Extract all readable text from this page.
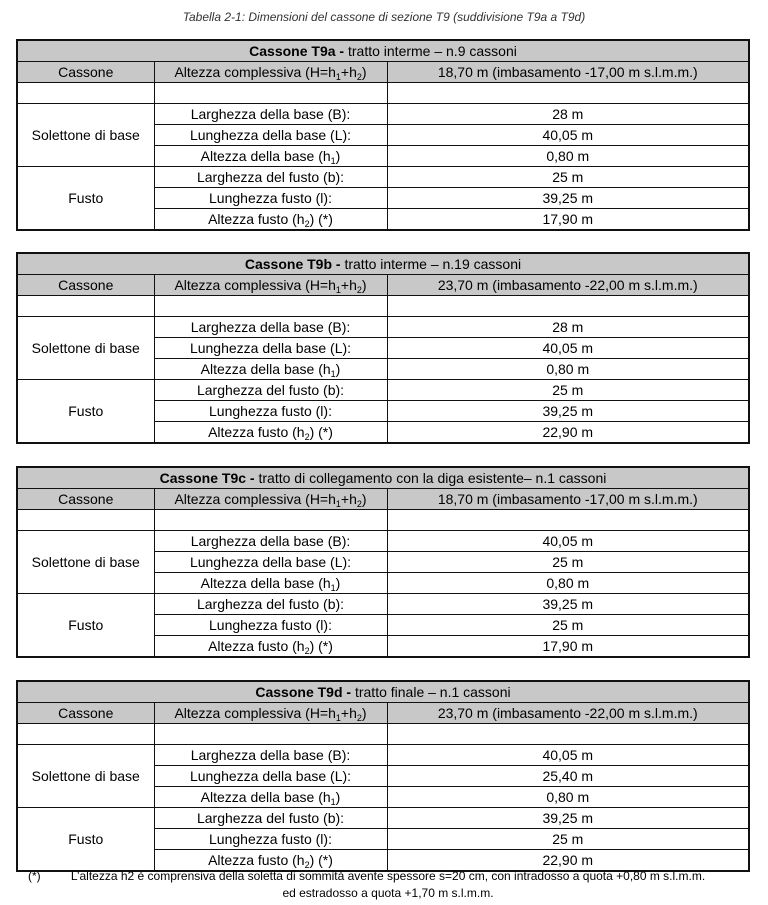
Tabella 2-1: Dimensioni del cassone di sezione T9 (suddivisione T9a a T9d)
Cassone T9a - tratto interme – n.9 cassoni		
Cassone	Altezza complessiva $(H=h_1+h_2)$	18,70 m (imbasamento -17,00 m s.l.m.m.)

Solettone di base	Larghezza della base (B):	28 m
	Lunghezza della base (L):	40,05 m
	Altezza della base $(h_1)$	0,80 m
Fusto	Larghezza del fusto (b):	25 m
	Lunghezza fusto (l):	39,25 m
	Altezza fusto $(h_2)$ (*)	17,90 m
Cassone T9b - tratto interme – n.19 cassoni		
Cassone	Altezza complessiva $(H=h_1+h_2)$	23,70 m (imbasamento -22,00 m s.l.m.m.)

Solettone di base	Larghezza della base (B):	28 m
	Lunghezza della base (L):	40,05 m
	Altezza della base $(h_1)$	0,80 m
Fusto	Larghezza del fusto (b):	25 m
	Lunghezza fusto (l):	39,25 m
	Altezza fusto $(h_2)$ (*)	22,90 m
Cassone T9c - tratto di collegamento con la diga esistente– n.1 cassoni		
Cassone	Altezza complessiva $(H=h_1+h_2)$	18,70 m (imbasamento -17,00 m s.l.m.m.)

Solettone di base	Larghezza della base (B):	40,05 m
	Lunghezza della base (L):	25 m
	Altezza della base $(h_1)$	0,80 m
Fusto	Larghezza del fusto (b):	39,25 m
	Lunghezza fusto (l):	25 m
	Altezza fusto $(h_2)$ (*)	17,90 m
Cassone T9d - tratto finale – n.1 cassoni		
Cassone	Altezza complessiva $(H=h_1+h_2)$	23,70 m (imbasamento -22,00 m s.l.m.m.)

Solettone di base	Larghezza della base (B):	40,05 m
	Lunghezza della base (L):	25,40 m
	Altezza della base $(h_1)$	0,80 m
Fusto	Larghezza del fusto (b):	39,25 m
	Lunghezza fusto (l):	25 m
	Altezza fusto $(h_2)$ (*)	22,90 m
(*)	L’altezza h2 è comprensiva della soletta di sommità avente spessore s=20 cm, con intradosso a quota +0,80 m s.l.m.m. ed estradosso a quota +1,70 m s.l.m.m.
